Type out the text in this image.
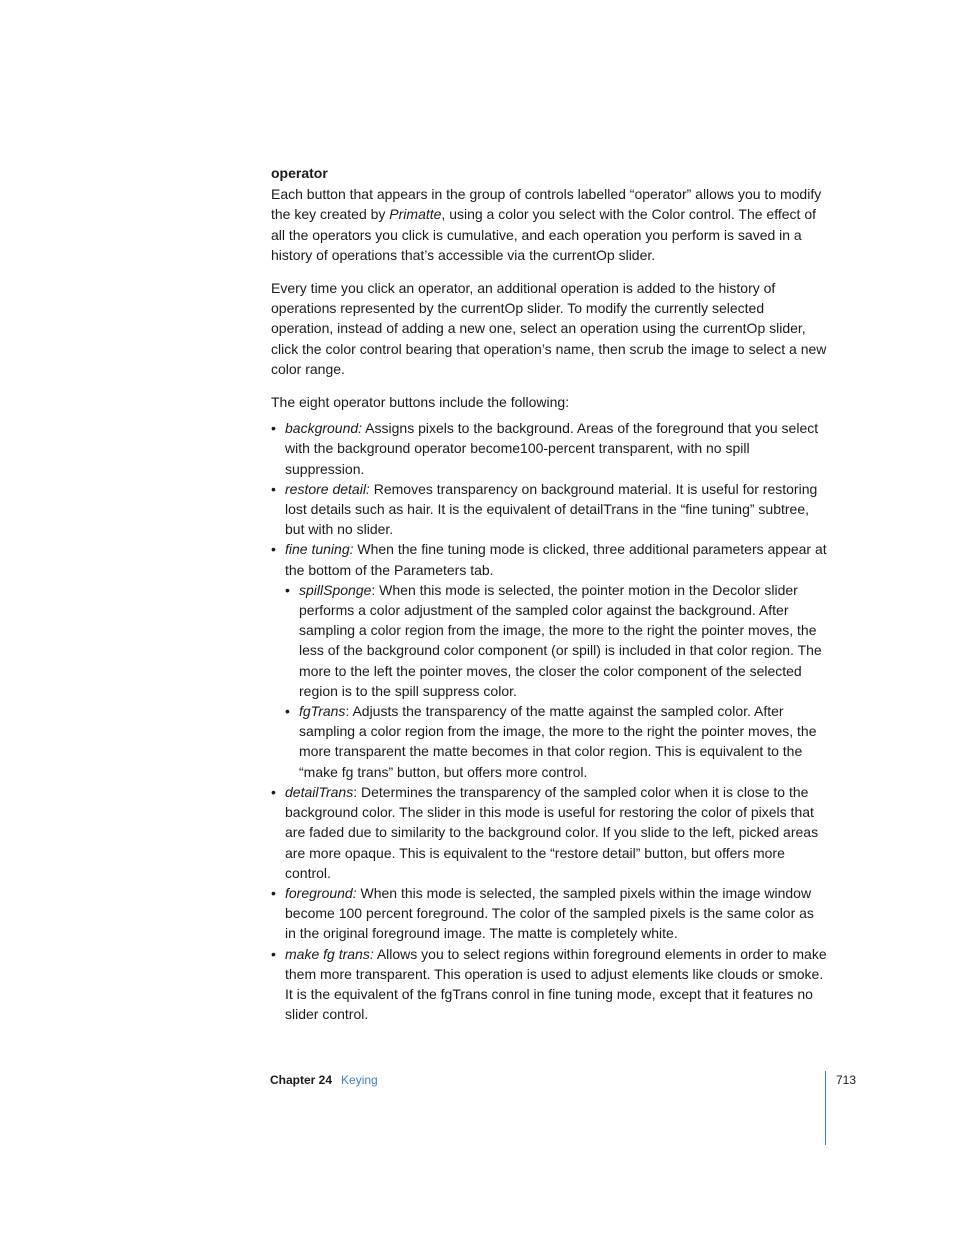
operator

Each button that appears in the group of controls labelled “operator” allows you to modify the key created by Primatte, using a color you select with the Color control. The effect of all the operators you click is cumulative, and each operation you perform is saved in a history of operations that’s accessible via the currentOp slider.

Every time you click an operator, an additional operation is added to the history of operations represented by the currentOp slider. To modify the currently selected operation, instead of adding a new one, select an operation using the currentOp slider, click the color control bearing that operation’s name, then scrub the image to select a new color range.

The eight operator buttons include the following:

• background: Assigns pixels to the background. Areas of the foreground that you select with the background operator become100-percent transparent, with no spill suppression.
• restore detail: Removes transparency on background material. It is useful for restoring lost details such as hair. It is the equivalent of detailTrans in the “fine tuning” subtree, but with no slider.
• fine tuning: When the fine tuning mode is clicked, three additional parameters appear at the bottom of the Parameters tab.
• spillSponge: When this mode is selected, the pointer motion in the Decolor slider performs a color adjustment of the sampled color against the background. After sampling a color region from the image, the more to the right the pointer moves, the less of the background color component (or spill) is included in that color region. The more to the left the pointer moves, the closer the color component of the selected region is to the spill suppress color.
• fgTrans: Adjusts the transparency of the matte against the sampled color. After sampling a color region from the image, the more to the right the pointer moves, the more transparent the matte becomes in that color region. This is equivalent to the “make fg trans” button, but offers more control.
• detailTrans: Determines the transparency of the sampled color when it is close to the background color. The slider in this mode is useful for restoring the color of pixels that are faded due to similarity to the background color. If you slide to the left, picked areas are more opaque. This is equivalent to the “restore detail” button, but offers more control.
• foreground: When this mode is selected, the sampled pixels within the image window become 100 percent foreground. The color of the sampled pixels is the same color as in the original foreground image. The matte is completely white.
• make fg trans: Allows you to select regions within foreground elements in order to make them more transparent. This operation is used to adjust elements like clouds or smoke. It is the equivalent of the fgTrans conrol in fine tuning mode, except that it features no slider control.
Chapter 24 Keying	713
